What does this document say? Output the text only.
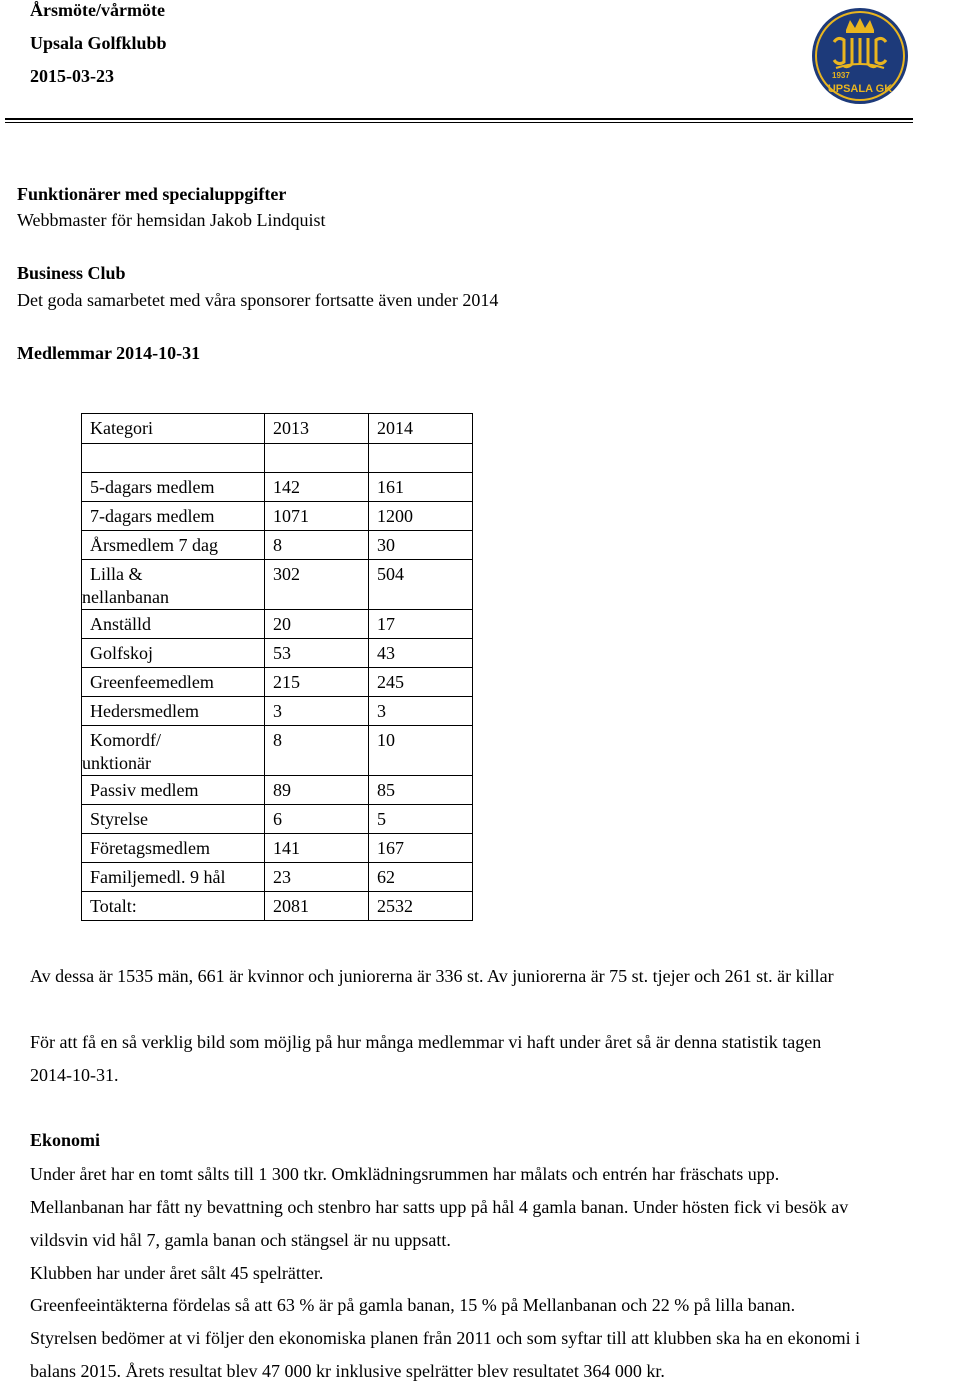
Årsmöte/vårmöte
Upsala Golfklubb
2015-03-23	1937
UPSALA GK
Funktionärer med specialuppgifter
Webbmaster för hemsidan Jakob Lindquist
Business Club
Det goda samarbetet med våra sponsorer fortsatte även under 2014
Medlemmar 2014-10-31
Kategori	2013	2014

5-dagars medlem	142	161
7-dagars medlem	1071	1200
Årsmedlem 7 dag	8	30

Lilla &
nellanbanan	302	504
Anställd	20	17
Golfskoj	53	43
Greenfeemedlem	215	245
Hedersmedlem	3	3

Komordf/
unktionär	8	10
Passiv medlem	89	85
Styrelse	6	5
Företagsmedlem	141	167
Familjemedl. 9 hål	23	62
Totalt:	2081	2532
Av dessa är 1535 män, 661 är kvinnor och juniorerna är 336 st. Av juniorerna är 75 st. tjejer och 261 st. är killar
För att få en så verklig bild som möjlig på hur många medlemmar vi haft under året så är denna statistik tagen
2014-10-31.
Ekonomi
Under året har en tomt sålts till 1 300 tkr. Omklädningsrummen har målats och entrén har fräschats upp.
Mellanbanan har fått ny bevattning och stenbro har satts upp på hål 4 gamla banan. Under hösten fick vi besök av
vildsvin vid hål 7, gamla banan och stängsel är nu uppsatt.
Klubben har under året sålt 45 spelrätter.
Greenfeeintäkterna fördelas så att 63 % är på gamla banan, 15 % på Mellanbanan och 22 % på lilla banan.
Styrelsen bedömer at vi följer den ekonomiska planen från 2011 och som syftar till att klubben ska ha en ekonomi i
balans 2015. Årets resultat blev 47 000 kr inklusive spelrätter blev resultatet 364 000 kr.
